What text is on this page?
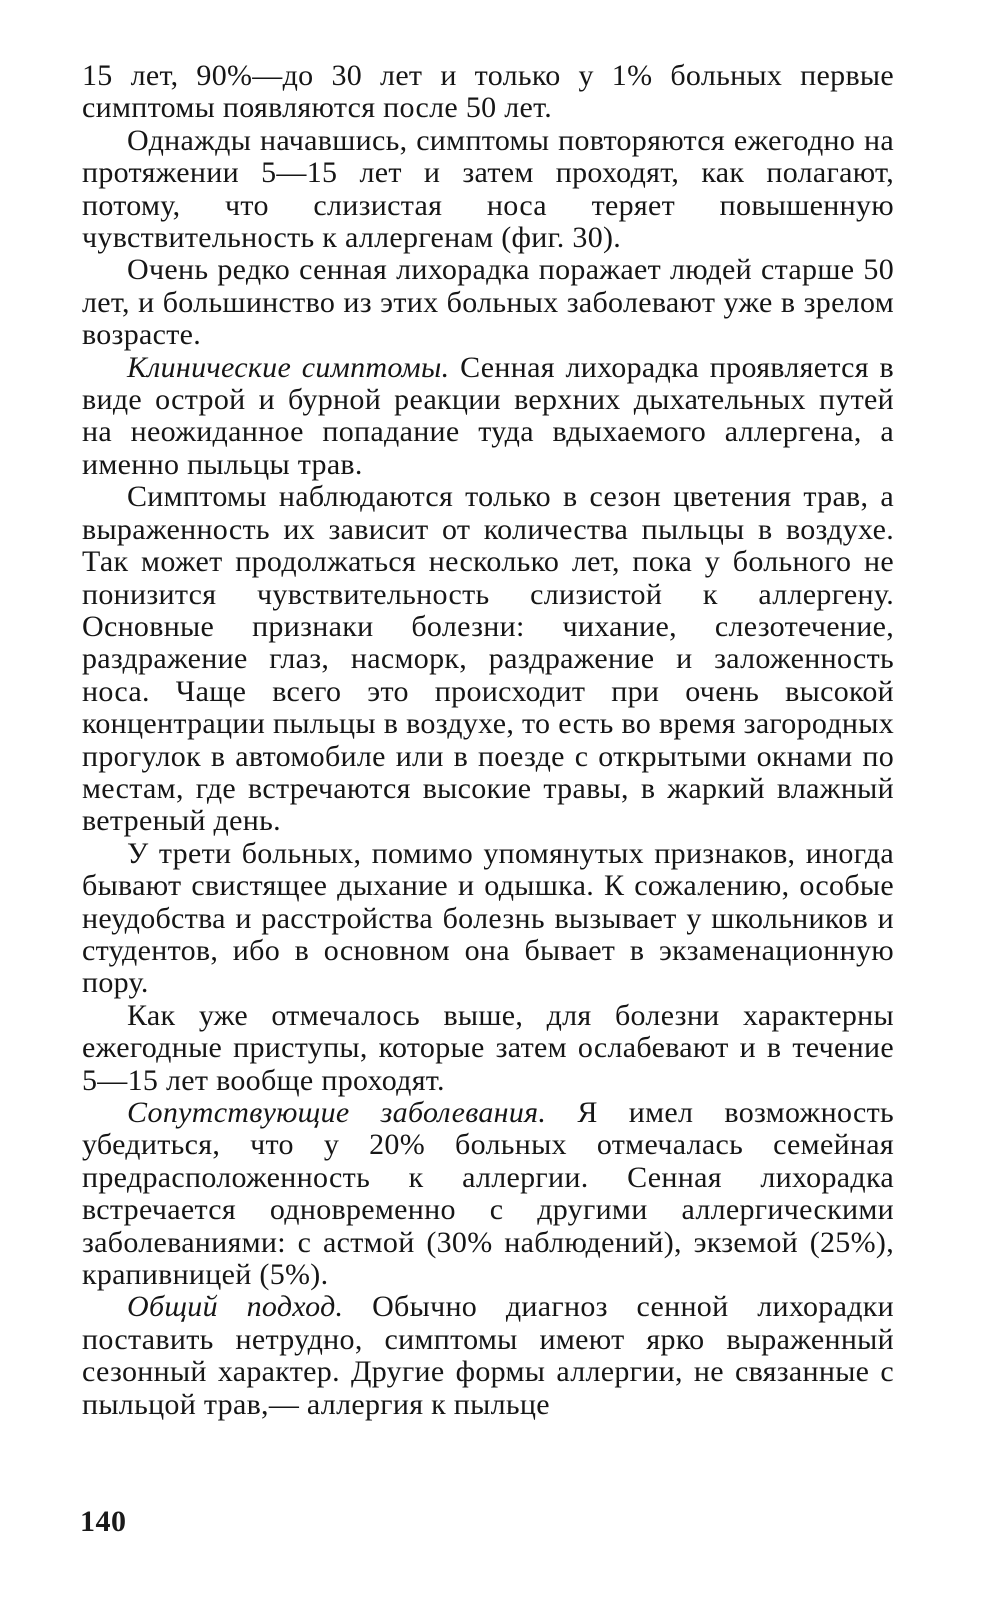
15 лет, 90%—до 30 лет и только у 1% больных первые симптомы появляются после 50 лет.

Однажды начавшись, симптомы повторяются ежегодно на протяжении 5—15 лет и затем проходят, как полагают, потому, что слизистая носа теряет повышенную чувствительность к аллергенам (фиг. 30).

Очень редко сенная лихорадка поражает людей старше 50 лет, и большинство из этих больных заболевают уже в зрелом возрасте.

Клинические симптомы. Сенная лихорадка проявляется в виде острой и бурной реакции верхних дыхательных путей на неожиданное попадание туда вдыхаемого аллергена, а именно пыльцы трав.

Симптомы наблюдаются только в сезон цветения трав, а выраженность их зависит от количества пыльцы в воздухе. Так может продолжаться несколько лет, пока у больного не понизится чувствительность слизистой к аллергену. Основные признаки болезни: чихание, слезотечение, раздражение глаз, насморк, раздражение и заложенность носа. Чаще всего это происходит при очень высокой концентрации пыльцы в воздухе, то есть во время загородных прогулок в автомобиле или в поезде с открытыми окнами по местам, где встречаются высокие травы, в жаркий влажный ветреный день.

У трети больных, помимо упомянутых признаков, иногда бывают свистящее дыхание и одышка. К сожалению, особые неудобства и расстройства болезнь вызывает у школьников и студентов, ибо в основном она бывает в экзаменационную пору.

Как уже отмечалось выше, для болезни характерны ежегодные приступы, которые затем ослабевают и в течение 5—15 лет вообще проходят.

Сопутствующие заболевания. Я имел возможность убедиться, что у 20% больных отмечалась семейная предрасположенность к аллергии. Сенная лихорадка встречается одновременно с другими аллергическими заболеваниями: с астмой (30% наблюдений), экземой (25%), крапивницей (5%).

Общий подход. Обычно диагноз сенной лихорадки поставить нетрудно, симптомы имеют ярко выраженный сезонный характер. Другие формы аллергии, не связанные с пыльцой трав,— аллергия к пыльце

140
